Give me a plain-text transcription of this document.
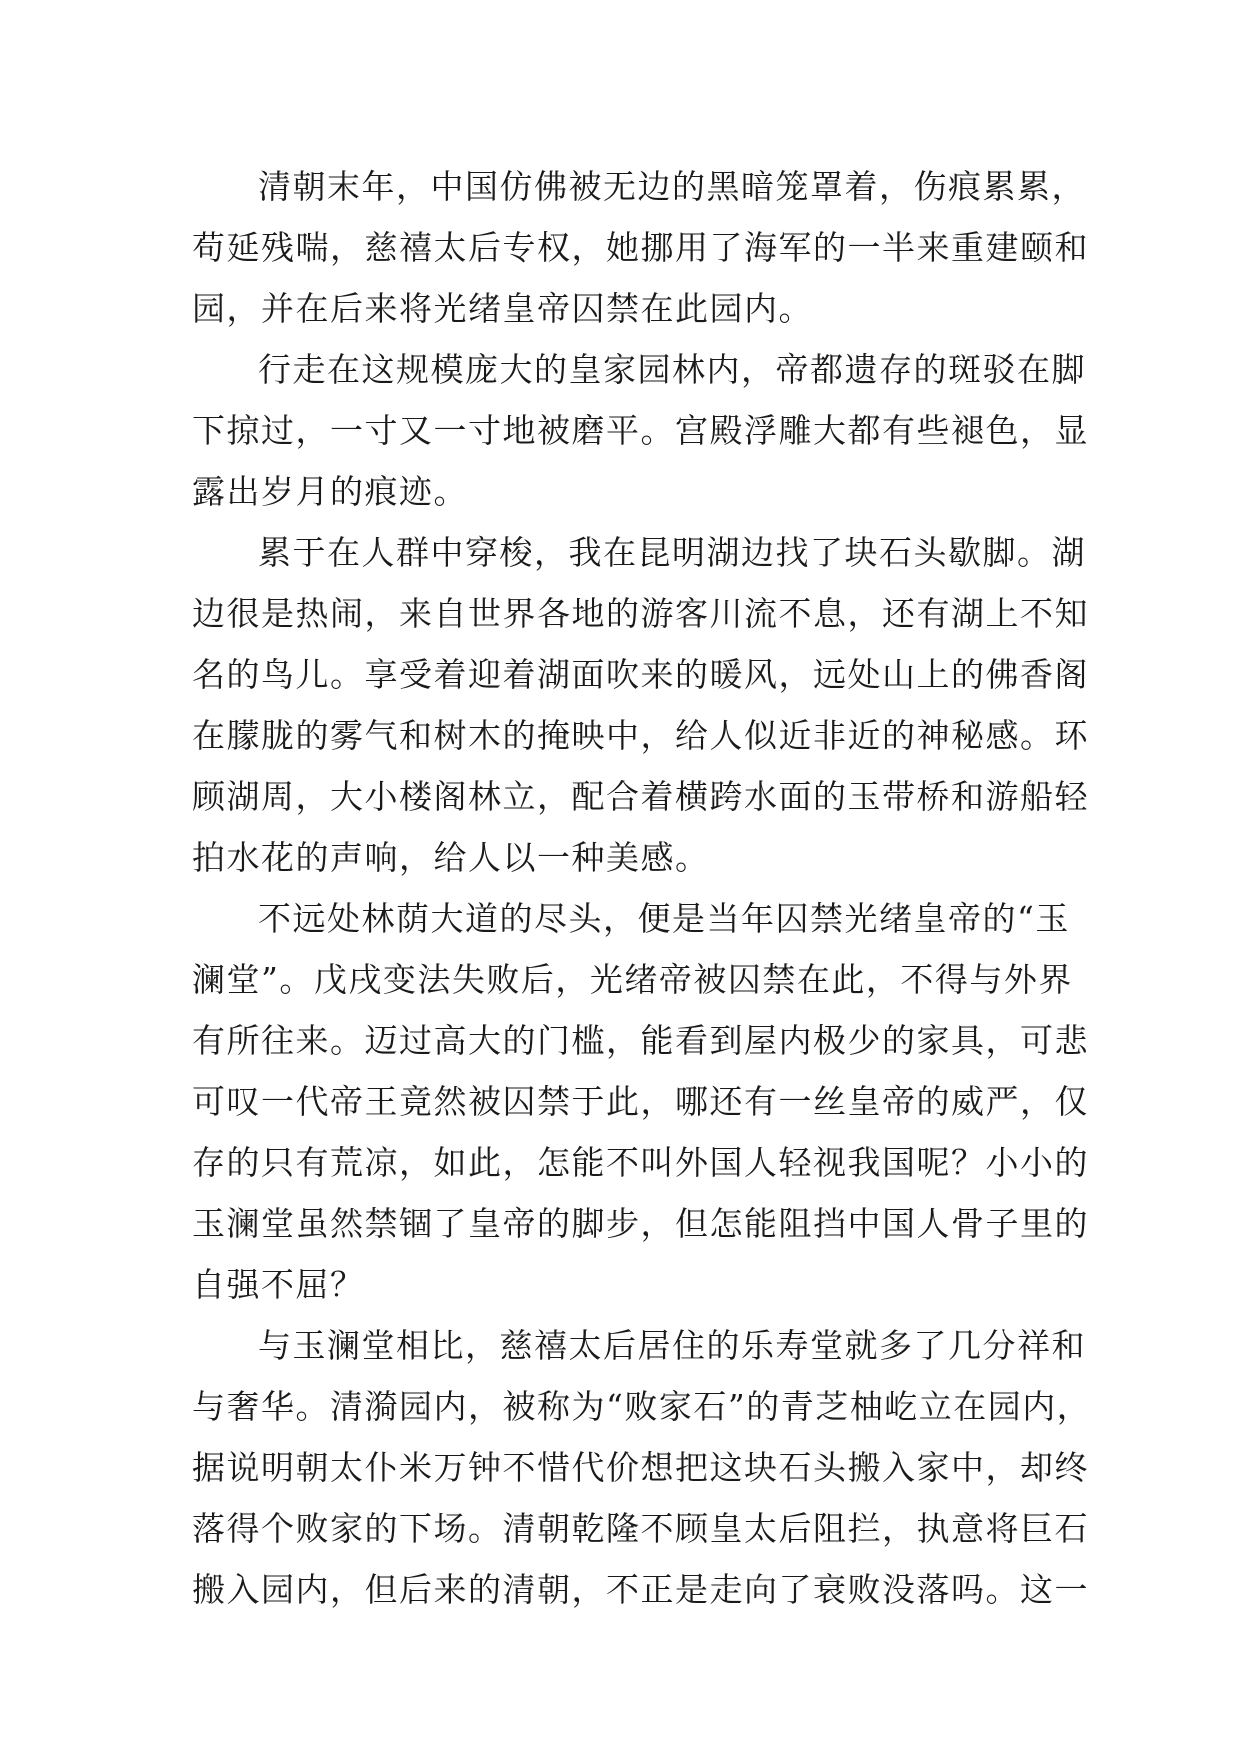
清朝末年，中国仿佛被无边的黑暗笼罩着，伤痕累累，
苟延残喘，慈禧太后专权，她挪用了海军的一半来重建颐和
园，并在后来将光绪皇帝囚禁在此园内。
行走在这规模庞大的皇家园林内，帝都遗存的斑驳在脚
下掠过，一寸又一寸地被磨平。宫殿浮雕大都有些褪色，显
露出岁月的痕迹。
累于在人群中穿梭，我在昆明湖边找了块石头歇脚。湖
边很是热闹，来自世界各地的游客川流不息，还有湖上不知
名的鸟儿。享受着迎着湖面吹来的暖风，远处山上的佛香阁
在朦胧的雾气和树木的掩映中，给人似近非近的神秘感。环
顾湖周，大小楼阁林立，配合着横跨水面的玉带桥和游船轻
拍水花的声响，给人以一种美感。
不远处林荫大道的尽头，便是当年囚禁光绪皇帝的“玉
澜堂”。戊戌变法失败后，光绪帝被囚禁在此，不得与外界
有所往来。迈过高大的门槛，能看到屋内极少的家具，可悲
可叹一代帝王竟然被囚禁于此，哪还有一丝皇帝的威严，仅
存的只有荒凉，如此，怎能不叫外国人轻视我国呢？小小的
玉澜堂虽然禁锢了皇帝的脚步，但怎能阻挡中国人骨子里的
自强不屈？
与玉澜堂相比，慈禧太后居住的乐寿堂就多了几分祥和
与奢华。清漪园内，被称为“败家石”的青芝柚屹立在园内，
据说明朝太仆米万钟不惜代价想把这块石头搬入家中，却终
落得个败家的下场。清朝乾隆不顾皇太后阻拦，执意将巨石
搬入园内，但后来的清朝，不正是走向了衰败没落吗。这一
